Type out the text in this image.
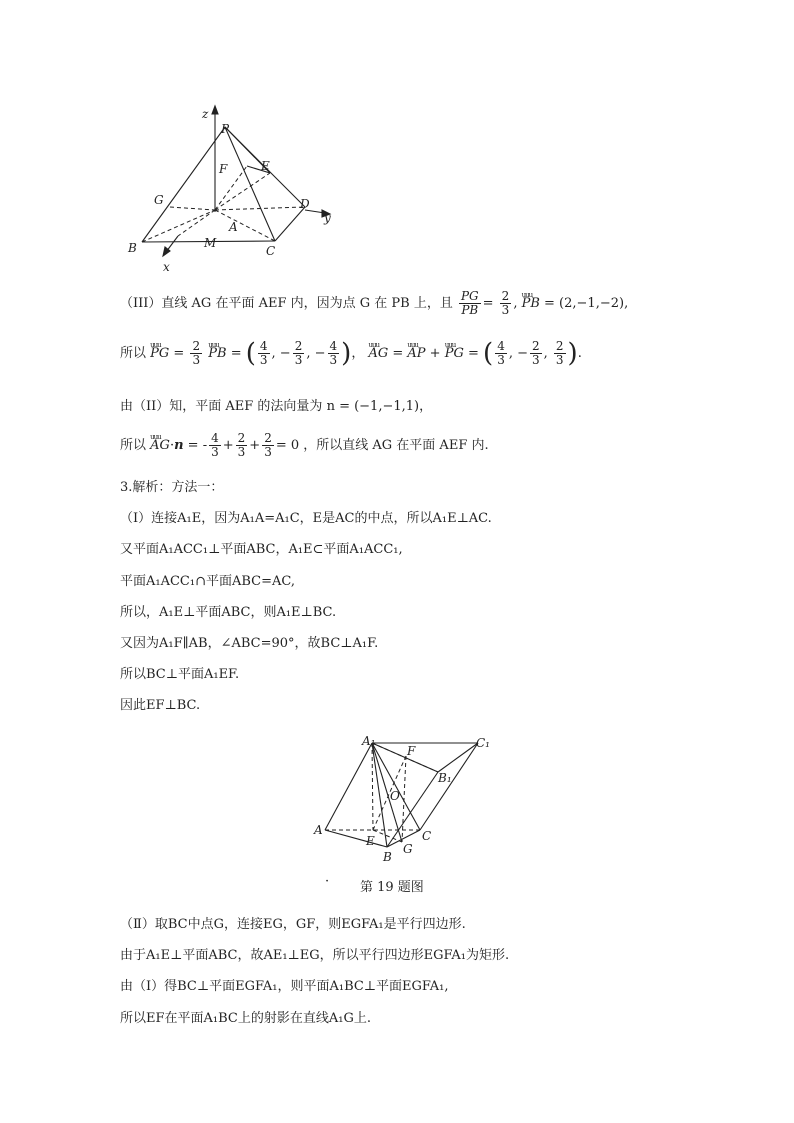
z
P
F	E
G	D
y
A
B	M
C
x
（III）直线 AG 在平面 AEF 内，因为点 G 在 PB 上，且 $\frac{PG}{PB} = \frac{2}{3}$ , uuu PB = (2,−1,−2),
所以 uuu PG = $\frac{2}{3}$ uuu PB = ( $\frac{4}{3}$ , − $\frac{2}{3}$ , − $\frac{4}{3}$ )， uuu AG = uuu AP + uuu PG = ( $\frac{4}{3}$ , − $\frac{2}{3}$ , $\frac{2}{3}$ ).
由（II）知，平面 AEF 的法向量为 n = (−1,−1,1)，
所以 uuu AG·n = - $\frac{4}{3} + \frac{2}{3} + \frac{2}{3} = 0$ ，所以直线 AG 在平面 AEF 内.
3.解析：方法一：
（I）连接A₁E，因为A₁A=A₁C，E是AC的中点，所以A₁E⊥AC.
又平面A₁ACC₁⊥平面ABC，A₁E⊂平面A₁ACC₁,
平面A₁ACC₁∩平面ABC=AC,
所以，A₁E⊥平面ABC，则A₁E⊥BC.
又因为A₁F∥AB，∠ABC=90°，故BC⊥A₁F.
所以BC⊥平面A₁EF.
因此EF⊥BC.
A₁
F
C₁
B₁
O
A
E	C
G
B
· 第 19 题图
（Ⅱ）取BC中点G，连接EG，GF，则EGFA₁是平行四边形.
由于A₁E⊥平面ABC，故AE₁⊥EG，所以平行四边形EGFA₁为矩形.
由（I）得BC⊥平面EGFA₁，则平面A₁BC⊥平面EGFA₁,
所以EF在平面A₁BC上的射影在直线A₁G上.
